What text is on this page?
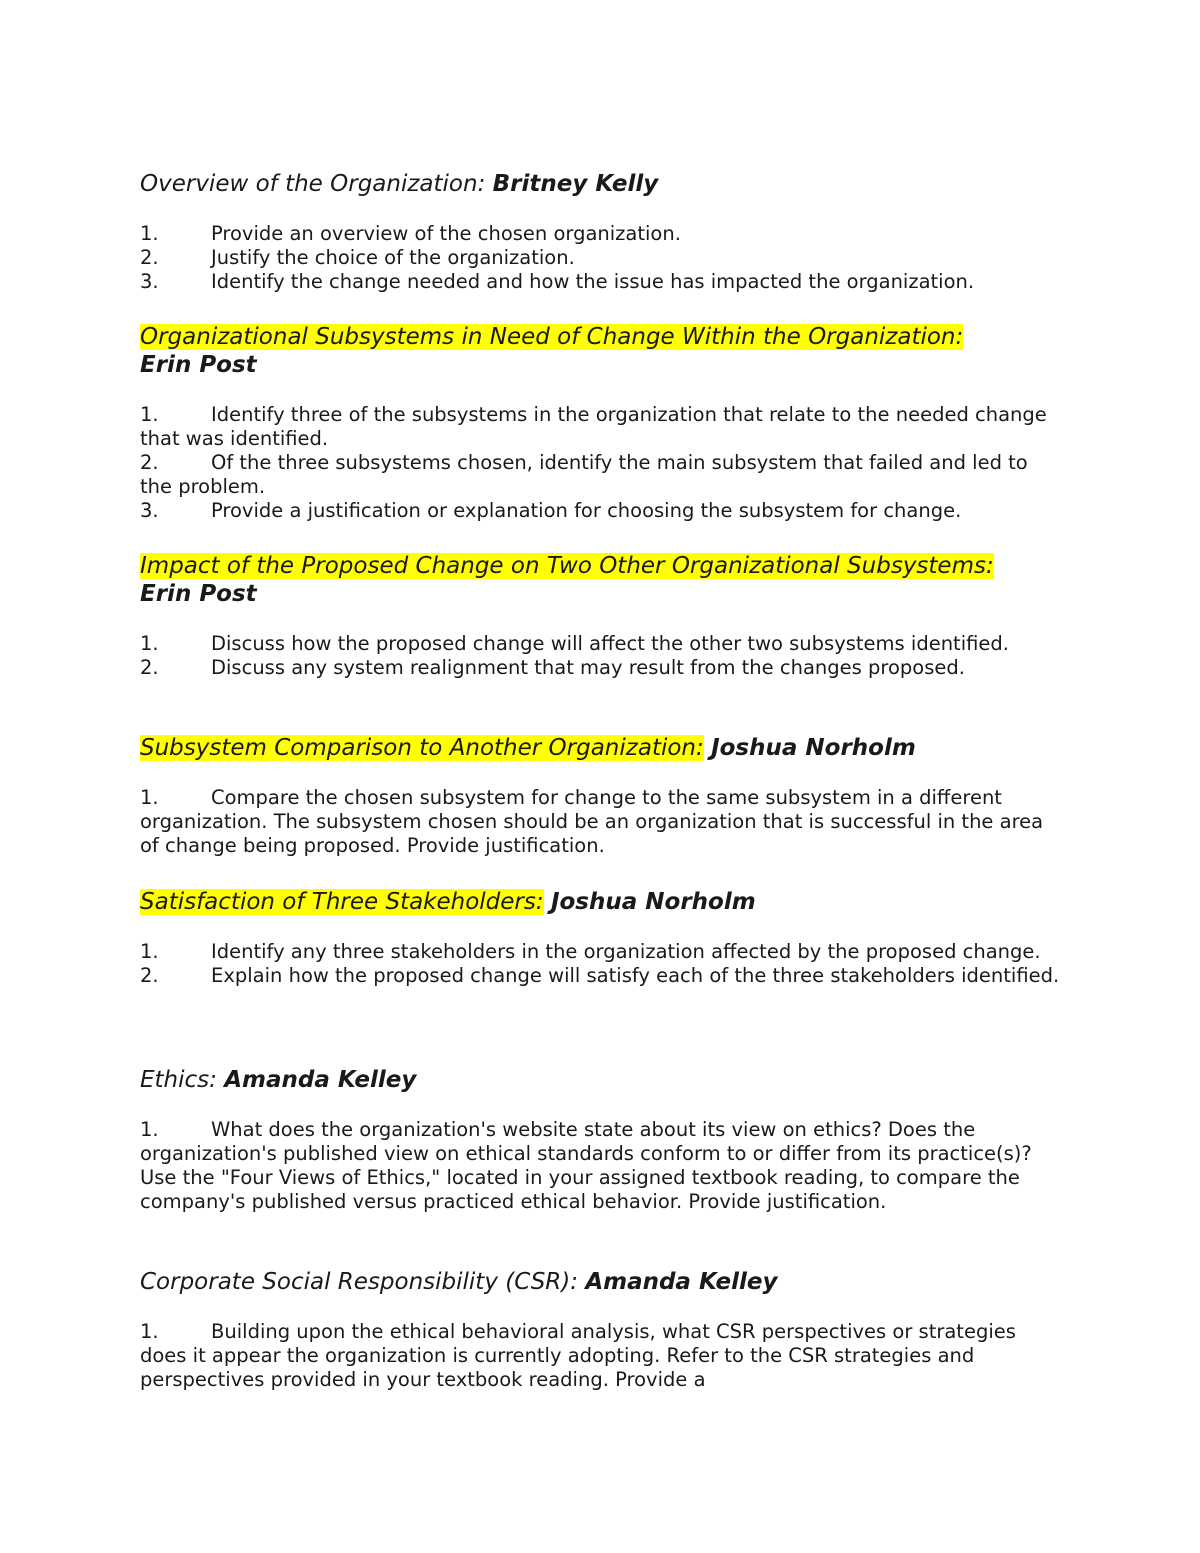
Overview of the Organization: Britney Kelly
1.	Provide an overview of the chosen organization.
2.	Justify the choice of the organization.
3.	Identify the change needed and how the issue has impacted the organization.
Organizational Subsystems in Need of Change Within the Organization:
Erin Post
1.	Identify three of the subsystems in the organization that relate to the needed change that was identified.
2.	Of the three subsystems chosen, identify the main subsystem that failed and led to the problem.
3.	Provide a justification or explanation for choosing the subsystem for change.
Impact of the Proposed Change on Two Other Organizational Subsystems:
Erin Post
1.	Discuss how the proposed change will affect the other two subsystems identified.
2.	Discuss any system realignment that may result from the changes proposed.
Subsystem Comparison to Another Organization: Joshua Norholm
1.	Compare the chosen subsystem for change to the same subsystem in a different organization. The subsystem chosen should be an organization that is successful in the area of change being proposed. Provide justification.
Satisfaction of Three Stakeholders: Joshua Norholm
1.	Identify any three stakeholders in the organization affected by the proposed change.
2.	Explain how the proposed change will satisfy each of the three stakeholders identified.
Ethics: Amanda Kelley
1.	What does the organization's website state about its view on ethics? Does the organization's published view on ethical standards conform to or differ from its practice(s)? Use the "Four Views of Ethics," located in your assigned textbook reading, to compare the company's published versus practiced ethical behavior. Provide justification.
Corporate Social Responsibility (CSR): Amanda Kelley
1.	Building upon the ethical behavioral analysis, what CSR perspectives or strategies does it appear the organization is currently adopting. Refer to the CSR strategies and perspectives provided in your textbook reading. Provide a
